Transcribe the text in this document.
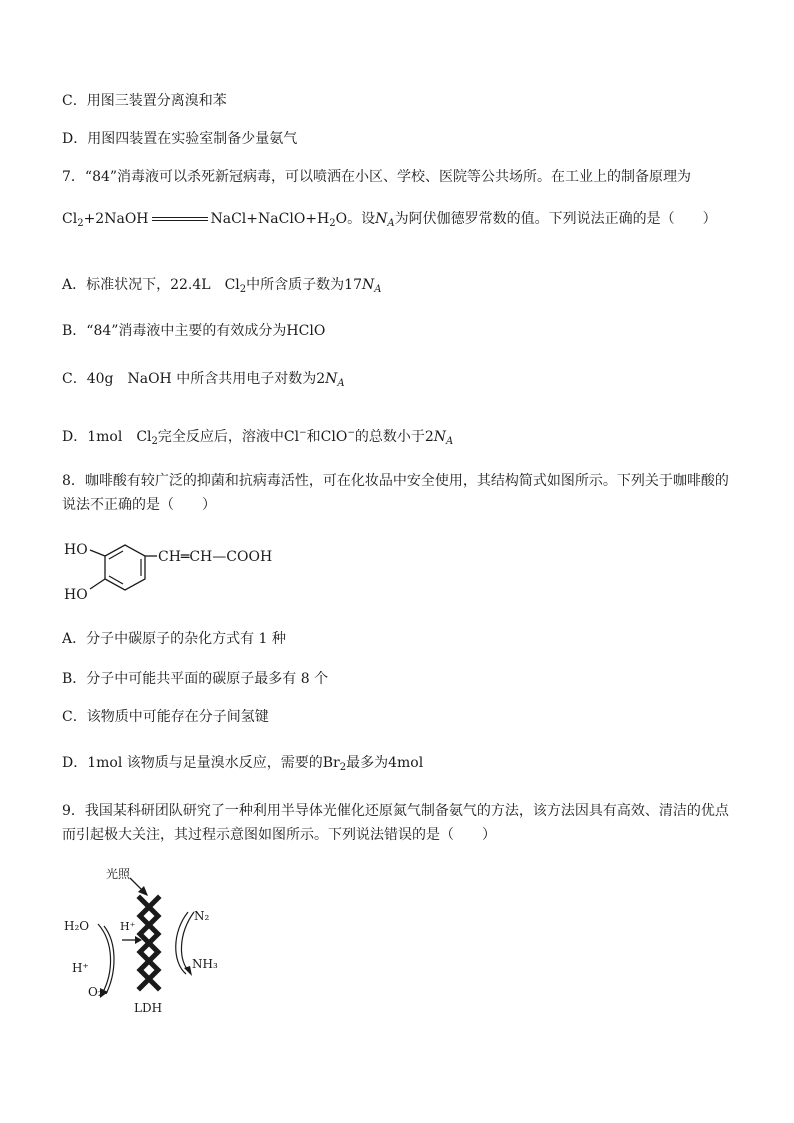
C．用图三装置分离溴和苯
D．用图四装置在实验室制备少量氨气
7．“84”消毒液可以杀死新冠病毒，可以喷洒在小区、学校、医院等公共场所。在工业上的制备原理为
$Cl_2+2NaOH$	$NaCl+NaClO+H_2O$。设$N_A$为阿伏伽德罗常数的值。下列说法正确的是（　　）
A．标准状况下，22.4L　$Cl_2$中所含质子数为$17N_A$
B．“84”消毒液中主要的有效成分为HClO
C．40g　NaOH 中所含共用电子对数为$2N_A$
D．1mol　$Cl_2$完全反应后，溶液中Cl−和ClO−的总数小于$2N_A$
8．咖啡酸有较广泛的抑菌和抗病毒活性，可在化妆品中安全使用，其结构简式如图所示。下列关于咖啡酸的
说法不正确的是（　　）
HO
HO
CH═CH—COOH
A．分子中碳原子的杂化方式有 1 种
B．分子中可能共平面的碳原子最多有 8 个
C．该物质中可能存在分子间氢键
D．1mol 该物质与足量溴水反应，需要的$Br_2$最多为4mol
9．我国某科研团队研究了一种利用半导体光催化还原氮气制备氨气的方法，该方法因具有高效、清洁的优点
而引起极大关注，其过程示意图如图所示。下列说法错误的是（　　）
光照
H⁺
H₂O
H⁺
O₂
N₂
NH₃
LDH
